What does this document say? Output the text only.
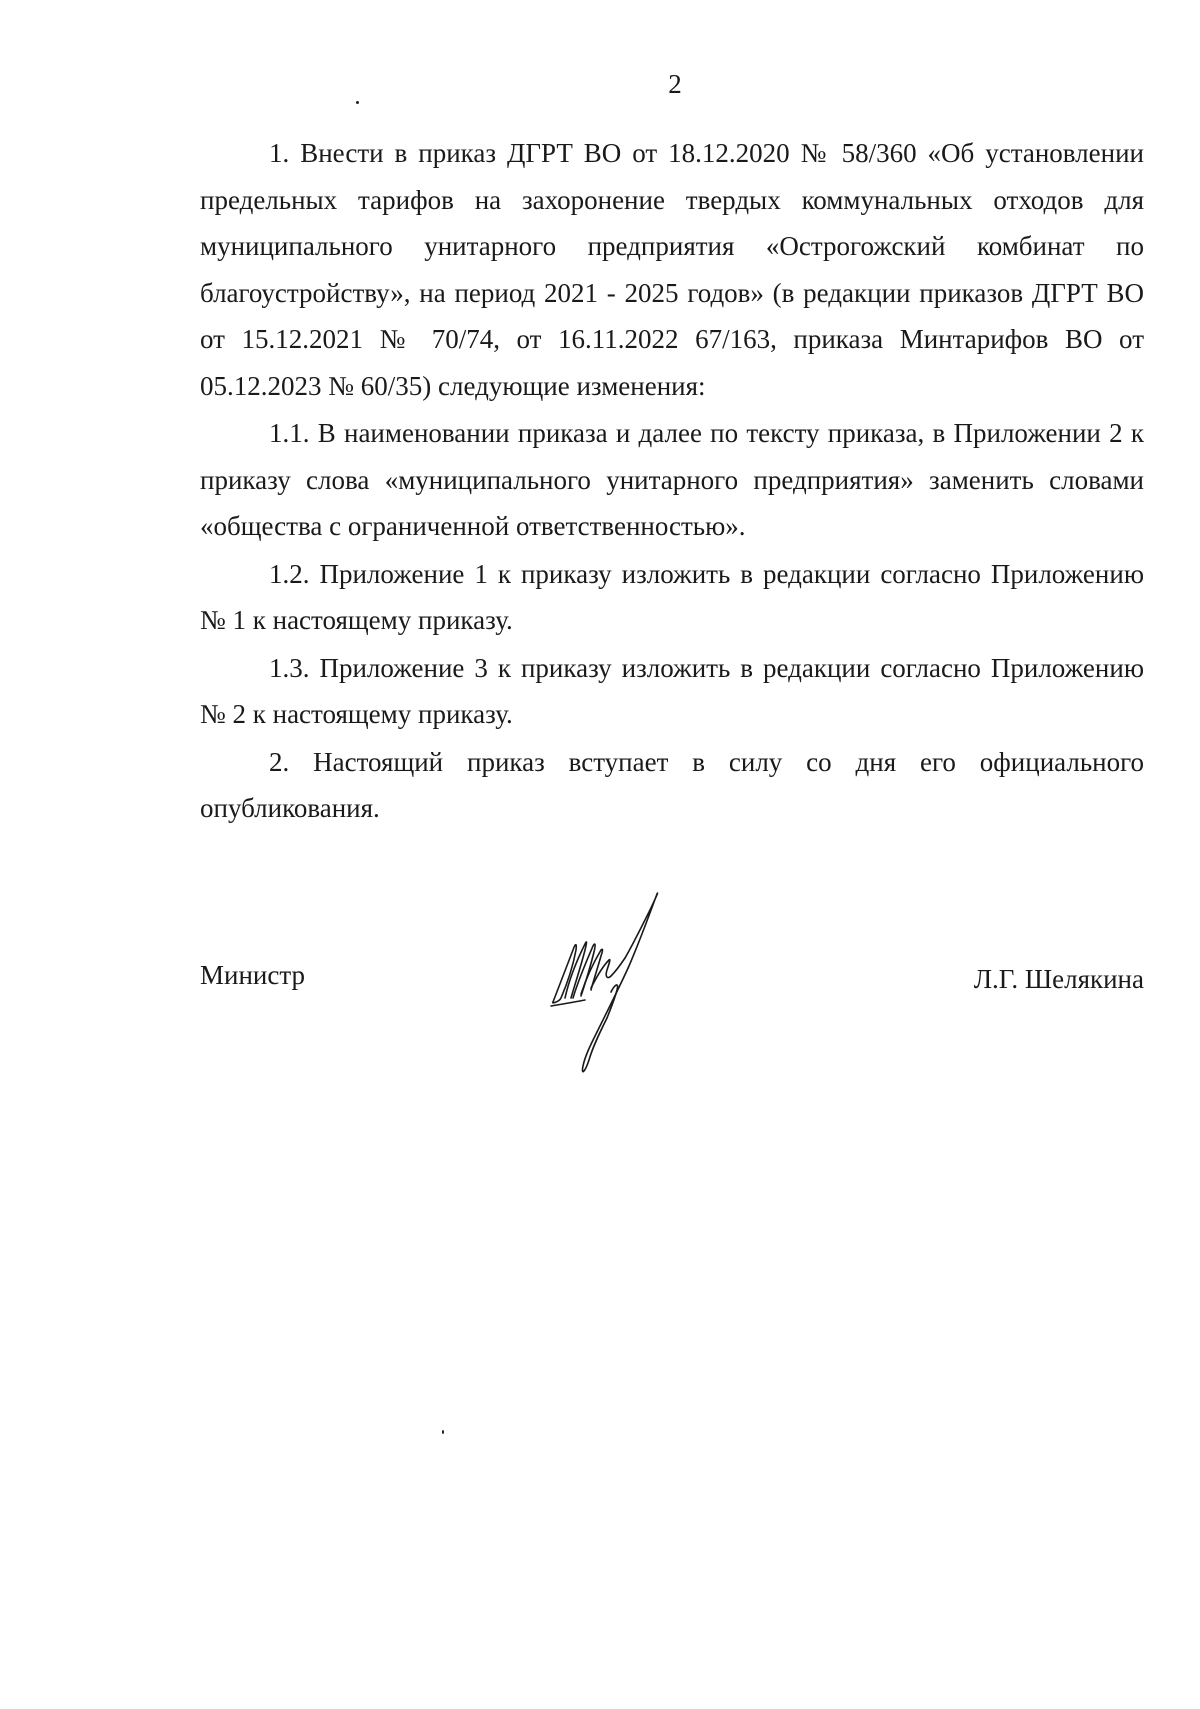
2

1. Внести в приказ ДГРТ ВО от 18.12.2020 № 58/360 «Об установлении предельных тарифов на захоронение твердых коммунальных отходов для муниципального унитарного предприятия «Острогожский комбинат по благоустройству», на период 2021 - 2025 годов» (в редакции приказов ДГРТ ВО от 15.12.2021 № 70/74, от 16.11.2022 67/163, приказа Минтарифов ВО от 05.12.2023 № 60/35) следующие изменения:

1.1. В наименовании приказа и далее по тексту приказа, в Приложении 2 к приказу слова «муниципального унитарного предприятия» заменить словами «общества с ограниченной ответственностью».

1.2. Приложение 1 к приказу изложить в редакции согласно Приложению № 1 к настоящему приказу.

1.3. Приложение 3 к приказу изложить в редакции согласно Приложению № 2 к настоящему приказу.

2. Настоящий приказ вступает в силу со дня его официального опубликования.

Министр	Л.Г. Шелякина
